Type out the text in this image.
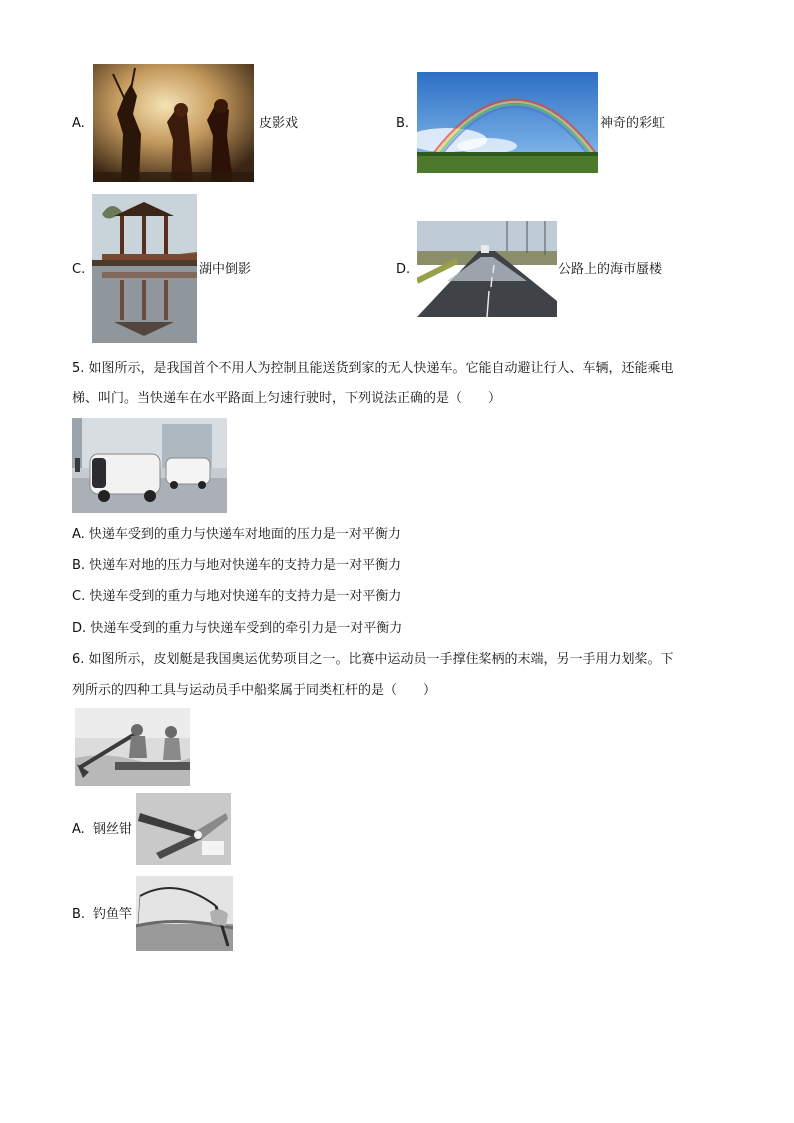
A.	皮影戏	B.	神奇的彩虹
C.	湖中倒影	D.	公路上的海市蜃楼
5. 如图所示，是我国首个不用人为控制且能送货到家的无人快递车。它能自动避让行人、车辆，还能乘电
梯、叫门。当快递车在水平路面上匀速行驶时，下列说法正确的是（　　）
A. 快递车受到的重力与快递车对地面的压力是一对平衡力
B. 快递车对地的压力与地对快递车的支持力是一对平衡力
C. 快递车受到的重力与地对快递车的支持力是一对平衡力
D. 快递车受到的重力与快递车受到的牵引力是一对平衡力
6. 如图所示，皮划艇是我国奥运优势项目之一。比赛中运动员一手撑住桨柄的末端，另一手用力划桨。下
列所示的四种工具与运动员手中船桨属于同类杠杆的是（　　）
A. 钢丝钳
B. 钓鱼竿
